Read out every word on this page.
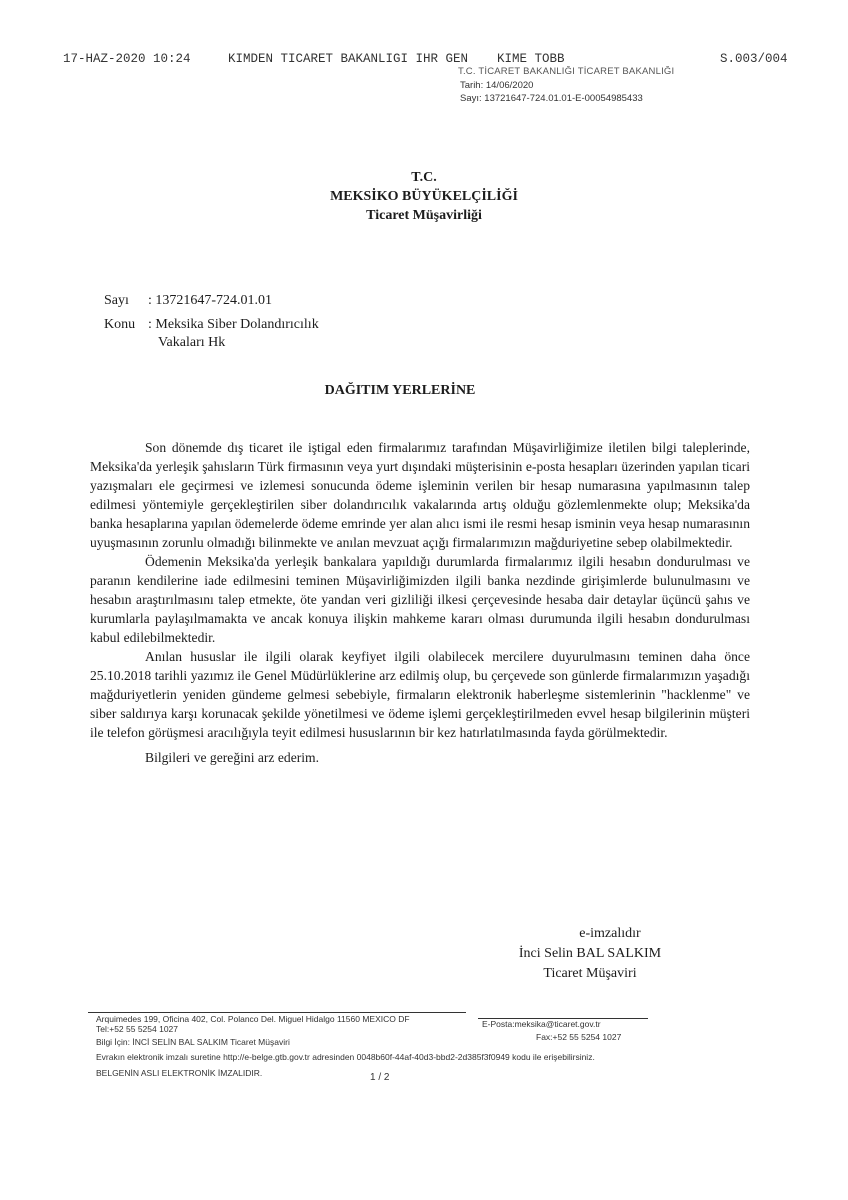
17-HAZ-2020 10:24	KIMDEN TICARET BAKANLIGI IHR GEN KIME TOBB	S.003/004
T.C. TİCARET BAKANLIĞI TİCARET BAKANLIĞI
Tarih: 14/06/2020
Sayı: 13721647-724.01.01-E-00054985433
T.C.
MEKSİKO BÜYÜKELÇİLİĞİ
Ticaret Müşavirliği
Sayı : 13721647-724.01.01
Konu : Meksika Siber Dolandırıcılık
Vakaları Hk
DAĞITIM YERLERİNE

Son dönemde dış ticaret ile iştigal eden firmalarımız tarafından Müşavirliğimize iletilen bilgi taleplerinde, Meksika'da yerleşik şahısların Türk firmasının veya yurt dışındaki müşterisinin e-posta hesapları üzerinden yapılan ticari yazışmaları ele geçirmesi ve izlemesi sonucunda ödeme işleminin verilen bir hesap numarasına yapılmasının talep edilmesi yöntemiyle gerçekleştirilen siber dolandırıcılık vakalarında artış olduğu gözlemlenmekte olup; Meksika'da banka hesaplarına yapılan ödemelerde ödeme emrinde yer alan alıcı ismi ile resmi hesap isminin veya hesap numarasının uyuşmasının zorunlu olmadığı bilinmekte ve anılan mevzuat açığı firmalarımızın mağduriyetine sebep olabilmektedir.

Ödemenin Meksika'da yerleşik bankalara yapıldığı durumlarda firmalarımız ilgili hesabın dondurulması ve paranın kendilerine iade edilmesini teminen Müşavirliğimizden ilgili banka nezdinde girişimlerde bulunulmasını ve hesabın araştırılmasını talep etmekte, öte yandan veri gizliliği ilkesi çerçevesinde hesaba dair detaylar üçüncü şahıs ve kurumlarla paylaşılmamakta ve ancak konuya ilişkin mahkeme kararı olması durumunda ilgili hesabın dondurulması kabul edilebilmektedir.

Anılan hususlar ile ilgili olarak keyfiyet ilgili olabilecek mercilere duyurulmasını teminen daha önce 25.10.2018 tarihli yazımız ile Genel Müdürlüklerine arz edilmiş olup, bu çerçevede son günlerde firmalarımızın yaşadığı mağduriyetlerin yeniden gündeme gelmesi sebebiyle, firmaların elektronik haberleşme sistemlerinin "hacklenme" ve siber saldırıya karşı korunacak şekilde yönetilmesi ve ödeme işlemi gerçekleştirilmeden evvel hesap bilgilerinin müşteri ile telefon görüşmesi aracılığıyla teyit edilmesi hususlarının bir kez hatırlatılmasında fayda görülmektedir.

Bilgileri ve gereğini arz ederim.

e-imzalıdır
İnci Selin BAL SALKIM
Ticaret Müşaviri
Arquimedes 199, Oficina 402, Col. Polanco Del. Miguel Hidalgo 11560 MEXICO DF	E-Posta:meksika@ticaret.gov.tr
Tel:+52 55 5254 1027
Fax:+52 55 5254 1027
Bilgi İçin: İNCİ SELİN BAL SALKIM Ticaret Müşaviri
Evrakın elektronik imzalı suretine http://e-belge.gtb.gov.tr adresinden 0048b60f-44af-40d3-bbd2-2d385f3f0949 kodu ile erişebilirsiniz.
BELGENİN ASLI ELEKTRONİK İMZALIDIR.	1 / 2
